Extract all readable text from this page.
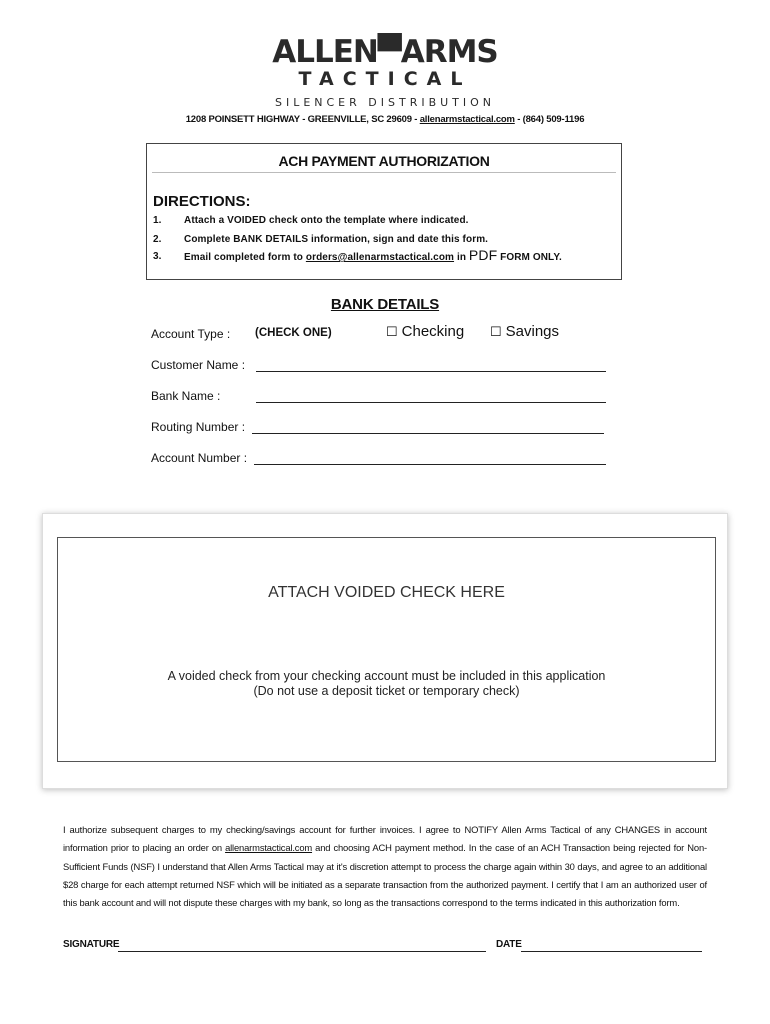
ALLEN▀ARMS
TACTICAL
SILENCER DISTRIBUTION
1208 POINSETT HIGHWAY - GREENVILLE, SC 29609 - allenarmstactical.com - (864) 509-1196
ACH PAYMENT AUTHORIZATION
DIRECTIONS:
1. Attach a VOIDED check onto the template where indicated.
2. Complete BANK DETAILS information, sign and date this form.
3. Email completed form to orders@allenarmstactical.com in PDF FORM ONLY.
BANK DETAILS
Account Type : (CHECK ONE)	☐ Checking ☐ Savings
Customer Name :
Bank Name :
Routing Number :
Account Number :
ATTACH VOIDED CHECK HERE
A voided check from your checking account must be included in this application
(Do not use a deposit ticket or temporary check)
I authorize subsequent charges to my checking/savings account for further invoices. I agree to NOTIFY Allen Arms Tactical of any CHANGES in account information prior to placing an order on allenarmstactical.com and choosing ACH payment method. In the case of an ACH Transaction being rejected for Non-Sufficient Funds (NSF) I understand that Allen Arms Tactical may at it's discretion attempt to process the charge again within 30 days, and agree to an additional $28 charge for each attempt returned NSF which will be initiated as a separate transaction from the authorized payment. I certify that I am an authorized user of this bank account and will not dispute these charges with my bank, so long as the transactions correspond to the terms indicated in this authorization form.
SIGNATURE	DATE
